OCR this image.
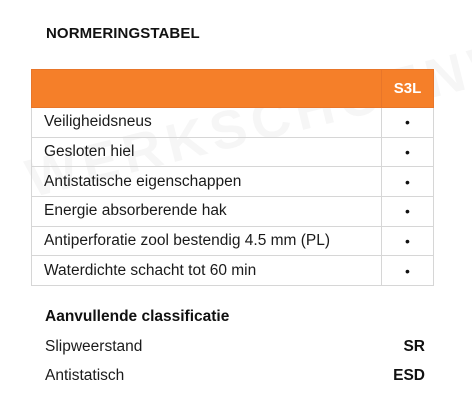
NORMERINGSTABEL
	S3L
Veiligheidsneus	•
Gesloten hiel	•
Antistatische eigenschappen	•
Energie absorberende hak	•
Antiperforatie zool bestendig 4.5 mm (PL)	•
Waterdichte schacht tot 60 min	•
Aanvullende classificatie
Slipweerstand	SR
Antistatisch	ESD
